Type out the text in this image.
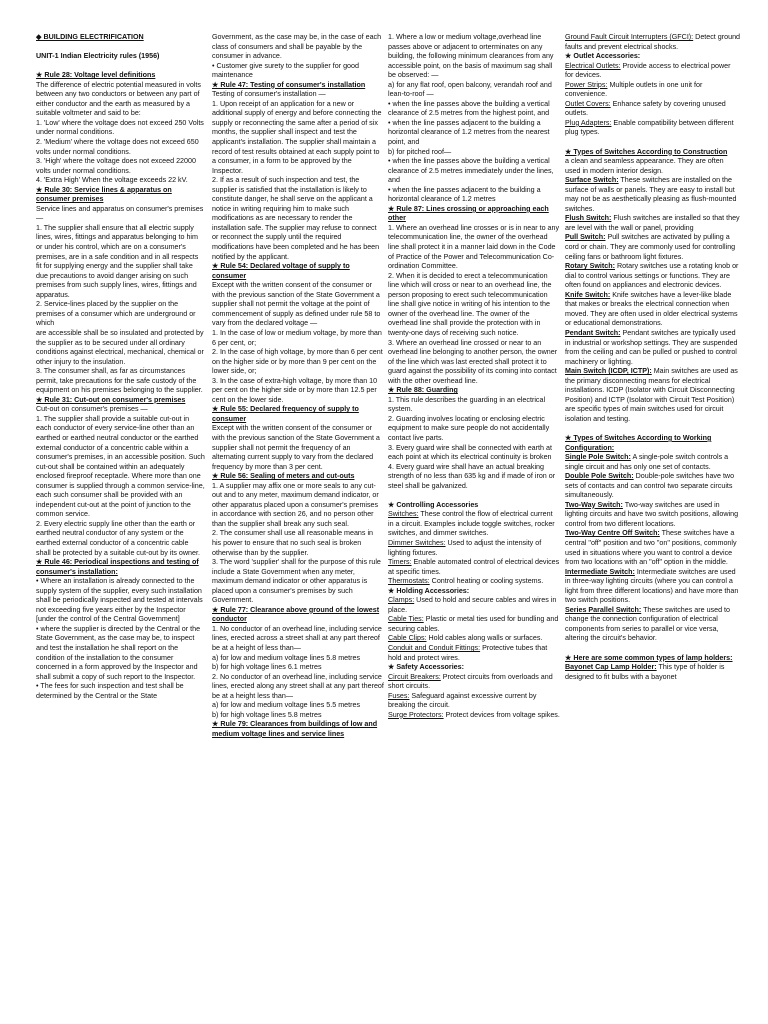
◆ BUILDING ELECTRIFICATION

UNIT-1 Indian Electricity rules (1956)

★ Rule 28: Voltage level definitions

The difference of electric potential measured in volts between any two conductors or between any part of either conductor and the earth as measured by a suitable voltmeter and said to be:

1. 'Low' where the voltage does not exceed 250 Volts under normal conditions.

2. 'Medium' where the voltage does not exceed 650 volts under normal conditions.

3. 'High' where the voltage does not exceed 22000 volts under normal conditions.

4. 'Extra High' When the voltage exceeds 22 kV.

★ Rule 30: Service lines & apparatus on consumer premises

Service lines and apparatus on consumer's premises —

1. The supplier shall ensure that all electric supply lines, wires, fittings and apparatus belonging to him

or under his control, which are on a consumer's premises, are in a safe condition and in all respects

fit for supplying energy and the supplier shall take due precautions to avoid danger arising on such

premises from such supply lines, wires, fittings and apparatus.

2. Service-lines placed by the supplier on the premises of a consumer which are underground or which

are accessible shall be so insulated and protected by the supplier as to be secured under all ordinary

conditions against electrical, mechanical, chemical or other injury to the insulation.

3. The consumer shall, as far as circumstances permit, take precautions for the safe custody of the

equipment on his premises belonging to the supplier.

★ Rule 31: Cut-out on consumer's premises

Cut-out on consumer's premises —

1. The supplier shall provide a suitable cut-out in each conductor of every service-line other than an earthed or earthed neutral conductor or the earthed external conductor of a concentric cable within a consumer's premises, in an accessible position. Such cut-out shall be contained within an adequately enclosed fireproof receptacle. Where more than one consumer is supplied through a common service-line, each such consumer shall be provided with an independent cut-out at the point of junction to the common service.

2. Every electric supply line other than the earth or earthed neutral conductor of any system or the earthed external conductor of a concentric cable shall be protected by a suitable cut-out by its owner.

★ Rule 46: Periodical inspections and testing of consumer's installation:

• Where an installation is already connected to the supply system of the supplier, every such installation shall be periodically inspected and tested at intervals not exceeding five years either by the Inspector [under the control of the Central Government]

• where the supplier is directed by the Central or the State Government, as the case may be, to inspect and test the installation he shall report on the condition of the installation to the consumer concerned in a form approved by the Inspector and shall submit a copy of such report to the Inspector.

• The fees for such inspection and test shall be determined by the Central or the State

Government, as the case may be, in the case of each class of consumers and shall be payable by the consumer in advance.

• Customer give surety to the supplier for good maintenance

★ Rule 47: Testing of consumer's installation

Testing of consumer's installation —

1. Upon receipt of an application for a new or additional supply of energy and before connecting the supply or reconnecting the same after a period of six months, the supplier shall inspect and test the applicant's installation. The supplier shall maintain a record of test results obtained at each supply point to a consumer, in a form to be approved by the Inspector.

2. If as a result of such inspection and test, the supplier is satisfied that the installation is likely to constitute danger, he shall serve on the applicant a notice in writing requiring him to make such modifications as are necessary to render the installation safe. The supplier may refuse to connect or reconnect the supply until the required modifications have been completed and he has been notified by the applicant.

★ Rule 54: Declared voltage of supply to consumer

Except with the written consent of the consumer or with the previous sanction of the State Government a supplier shall not permit the voltage at the point of commencement of supply as defined under rule 58 to vary from the declared voltage —

1. In the case of low or medium voltage, by more than 6 per cent, or;

2. In the case of high voltage, by more than 6 per cent on the higher side or by more than 9 per cent on the lower side, or;

3. In the case of extra-high voltage, by more than 10 per cent on the higher side or by more than 12.5 per cent on the lower side.

★ Rule 55: Declared frequency of supply to consumer

Except with the written consent of the consumer or with the previous sanction of the State Government a supplier shall not permit the frequency of an alternating current supply to vary from the declared frequency by more than 3 per cent.

★ Rule 56: Sealing of meters and cut-outs

1. A supplier may affix one or more seals to any cut-out and to any meter, maximum demand indicator, or other apparatus placed upon a consumer's premises in accordance with section 26, and no person other than the supplier shall break any such seal.

2. The consumer shall use all reasonable means in his power to ensure that no such seal is broken otherwise than by the supplier.

3. The word 'supplier' shall for the purpose of this rule include a State Government when any meter, maximum demand indicator or other apparatus is placed upon a consumer's premises by such Government.

★ Rule 77: Clearance above ground of the lowest conductor

1. No conductor of an overhead line, including service lines, erected across a street shall at any part thereof be at a height of less than—

a) for low and medium voltage lines 5.8 metres

b) for high voltage lines 6.1 metres

2. No conductor of an overhead line, including service lines, erected along any street shall at any part thereof be at a height less than—

a) for low and medium voltage lines 5.5 metres

b) for high voltage lines 5.8 metres

★ Rule 79: Clearances from buildings of low and medium voltage lines and service lines

1. Where a low or medium voltage,overhead line passes above or adjacent to orterminates on any building, the following minimum clearances from any accessible point, on the basis of maximum sag shall be observed: —

a) for any flat roof, open balcony, verandah roof and lean-to-roof —

• when the line passes above the building a vertical clearance of 2.5 metres from the highest point, and

• when the line passes adjacent to the building a horizontal clearance of 1.2 metres from the nearest

point, and

b) for pitched roof—

• when the line passes above the building a vertical clearance of 2.5 metres immediately under the lines, and

• when the line passes adjacent to the building a horizontal clearance of 1.2 metres

★ Rule 87: Lines crossing or approaching each other

1. Where an overhead line crosses or is in near to any telecommunication line, the owner of the overhead line shall protect it in a manner laid down in the Code of Practice of the Power and Telecommunication Co-ordination Committee.

2. When it is decided to erect a telecommunication line which will cross or near to an overhead line, the person proposing to erect such telecommunication line shall give notice in writing of his intention to the owner of the overhead line. The owner of the overhead line shall provide the protection with in twenty-one days of receiving such notice.

3. Where an overhead line crossed or near to an overhead line belonging to another person, the owner of the line which was last erected shall protect it to guard against the possibility of its coming into contact with the other overhead line.

★ Rule 88: Guarding

1. This rule describes the guarding in an electrical system.

2. Guarding involves locating or enclosing electric equipment to make sure people do not accidentally contact live parts.

3. Every guard wire shall be connected with earth at each point at which its electrical continuity is broken

4. Every guard wire shall have an actual breaking strength of no less than 635 kg and if made of iron or steel shall be galvanized.

★ Controlling Accessories

Switches: These control the flow of electrical current in a circuit. Examples include toggle switches, rocker switches, and dimmer switches.

Dimmer Switches: Used to adjust the intensity of lighting fixtures.

Timers: Enable automated control of electrical devices at specific times.

Thermostats: Control heating or cooling systems.

★ Holding Accessories:

Clamps: Used to hold and secure cables and wires in place.

Cable Ties: Plastic or metal ties used for bundling and securing cables.

Cable Clips: Hold cables along walls or surfaces.

Conduit and Conduit Fittings: Protective tubes that hold and protect wires.

★ Safety Accessories:

Circuit Breakers: Protect circuits from overloads and short circuits.

Fuses: Safeguard against excessive current by breaking the circuit.

Surge Protectors: Protect devices from voltage spikes.

Ground Fault Circuit Interrupters (GFCI): Detect ground faults and prevent electrical shocks.

★ Outlet Accessories:

Electrical Outlets: Provide access to electrical power for devices.

Power Strips: Multiple outlets in one unit for convenience.

Outlet Covers: Enhance safety by covering unused outlets.

Plug Adapters: Enable compatibility between different plug types.

★ Types of Switches According to Construction

a clean and seamless appearance. They are often used in modern interior design.

Surface Switch: These switches are installed on the surface of walls or panels. They are easy to install but may not be as aesthetically pleasing as flush-mounted switches.

Flush Switch: Flush switches are installed so that they are level with the wall or panel, providing

Pull Switch: Pull switches are activated by pulling a cord or chain. They are commonly used for controlling ceiling fans or bathroom light fixtures.

Rotary Switch: Rotary switches use a rotating knob or dial to control various settings or functions. They are often found on appliances and electronic devices.

Knife Switch: Knife switches have a lever-like blade that makes or breaks the electrical connection when moved. They are often used in older electrical systems or educational demonstrations.

Pendant Switch: Pendant switches are typically used in industrial or workshop settings. They are suspended from the ceiling and can be pulled or pushed to control machinery or lighting.

Main Switch (ICDP, ICTP): Main switches are used as the primary disconnecting means for electrical installations. ICDP (Isolator with Circuit Disconnecting Position) and ICTP (Isolator with Circuit Test Position) are specific types of main switches used for circuit isolation and testing.

★ Types of Switches According to Working Configuration:

Single Pole Switch: A single-pole switch controls a single circuit and has only one set of contacts.

Double Pole Switch: Double-pole switches have two sets of contacts and can control two separate circuits simultaneously.

Two-Way Switch: Two-way switches are used in lighting circuits and have two switch positions, allowing control from two different locations.

Two-Way Centre Off Switch: These switches have a central "off" position and two "on" positions, commonly used in situations where you want to control a device from two locations with an "off" option in the middle.

Intermediate Switch: Intermediate switches are used in three-way lighting circuits (where you can control a light from three different locations) and have more than two switch positions.

Series Parallel Switch: These switches are used to change the connection configuration of electrical components from series to parallel or vice versa, altering the circuit's behavior.

★ Here are some common types of lamp holders:

Bayonet Cap Lamp Holder: This type of holder is designed to fit bulbs with a bayonet
